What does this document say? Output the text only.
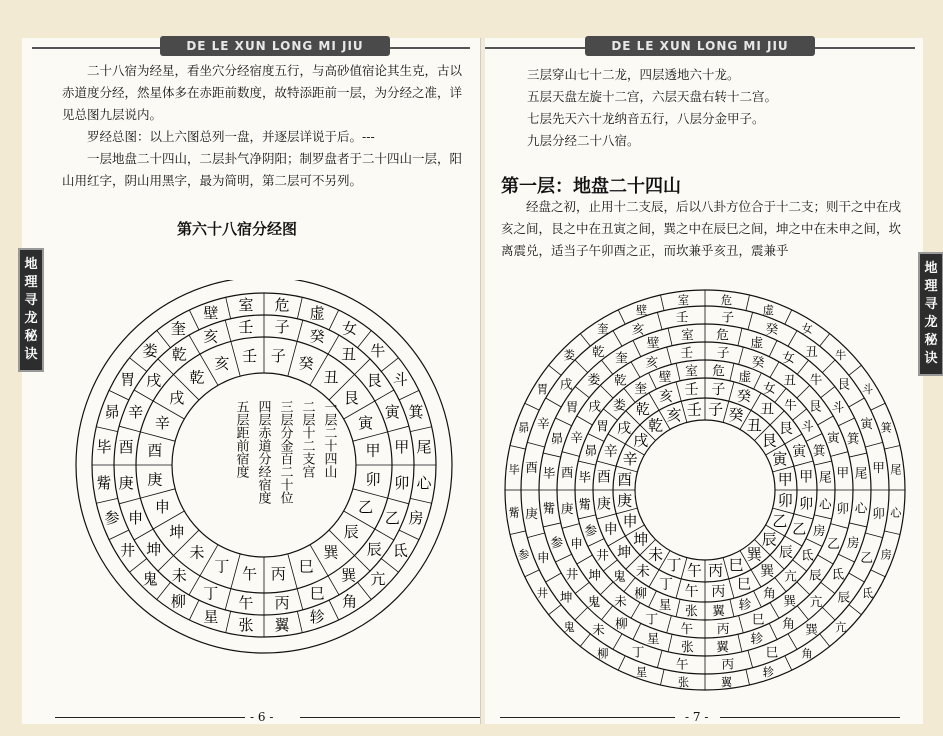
DE LE XUN LONG MI JIU

二十八宿为经星，看坐穴分经宿度五行，与高砂值宿论其生克，古以赤道度分经，然星体多在赤距前数度，故特添距前一层，为分经之准，详见总图九层说内。

罗经总图：以上六图总列一盘，并逐层详说于后。---

一层地盘二十四山，二层卦气净阴阳；制罗盘者于二十四山一层，阳山用红字，阴山用黑字，最为简明，第二层可不另列。

第六十八宿分经图
子 癸
丑
艮
寅
甲
卯
乙
辰
巽
巳
丙
午
丁
未
坤
申
庚
酉
辛
戌
乾
亥 壬
子
癸
丑
艮
寅
甲
卯
乙
辰
巽
巳
丙
午
丁
未
坤
申
庚
酉
辛
戌
乾
亥
壬
危 虚
女
牛
斗
箕
尾
心
房
氐
亢
角
轸
翼
张
星
柳
鬼
井
参
觜
毕
昴
胃
娄
奎
壁 室
一层二十四山
二层十二支宫
三层分金百二十位
四层赤道分经宿度
五层距前宿度
- 6 -
DE LE XUN LONG MI JIU
三层穿山七十二龙，四层透地六十龙。
五层天盘左旋十二宫，六层天盘右转十二宫。
七层先天六十龙纳音五行，八层分金甲子。
九层分经二十八宿。
第一层：地盘二十四山

经盘之初，止用十二支辰，后以八卦方位合于十二支；则干之中在戌亥之间，艮之中在丑寅之间，巽之中在辰巳之间，坤之中在未申之间，坎离震兑，适当子午卯酉之正，而坎兼乎亥丑，震兼乎

子 癸
丑
艮
寅
甲
卯
乙
辰
巽
巳
丙
午
丁
未
坤
申
庚
酉
辛
戌
乾
亥 壬
子 癸
丑
艮
寅
甲
卯
乙
辰
巽
巳
丙
午
丁
未
坤
申
庚
酉
辛
戌
乾
亥 壬
危 虚
女
牛
斗
箕
尾
心
房
氐
亢
角
轸
翼
张
星
柳
鬼
井
参
觜
毕
昴
胃
娄
奎
壁 室
子
癸
丑
艮
寅
甲
卯
乙
辰
巽
巳
丙
午
丁
未
坤
申
庚
酉
辛
戌
乾
亥
壬
危
虚
女
牛
斗
箕
尾
心
房
氐
亢
角
轸
翼
张
星
柳
鬼
井
参
觜
毕
昴
胃
娄
奎
壁
室
子
癸
丑
艮
寅
甲
卯
乙
辰
巽
巳
丙
午
丁
未
坤
申
庚
酉
辛
戌
乾
亥
壬
危
虚
女
牛
斗
箕
尾
心
房
氐
亢
角
轸
翼
张
星
柳
鬼
井
参
觜
毕
昴
胃
娄
奎
壁
室
- 7 -
地
理
寻
龙
秘
诀
地
理
寻
龙
秘
诀
